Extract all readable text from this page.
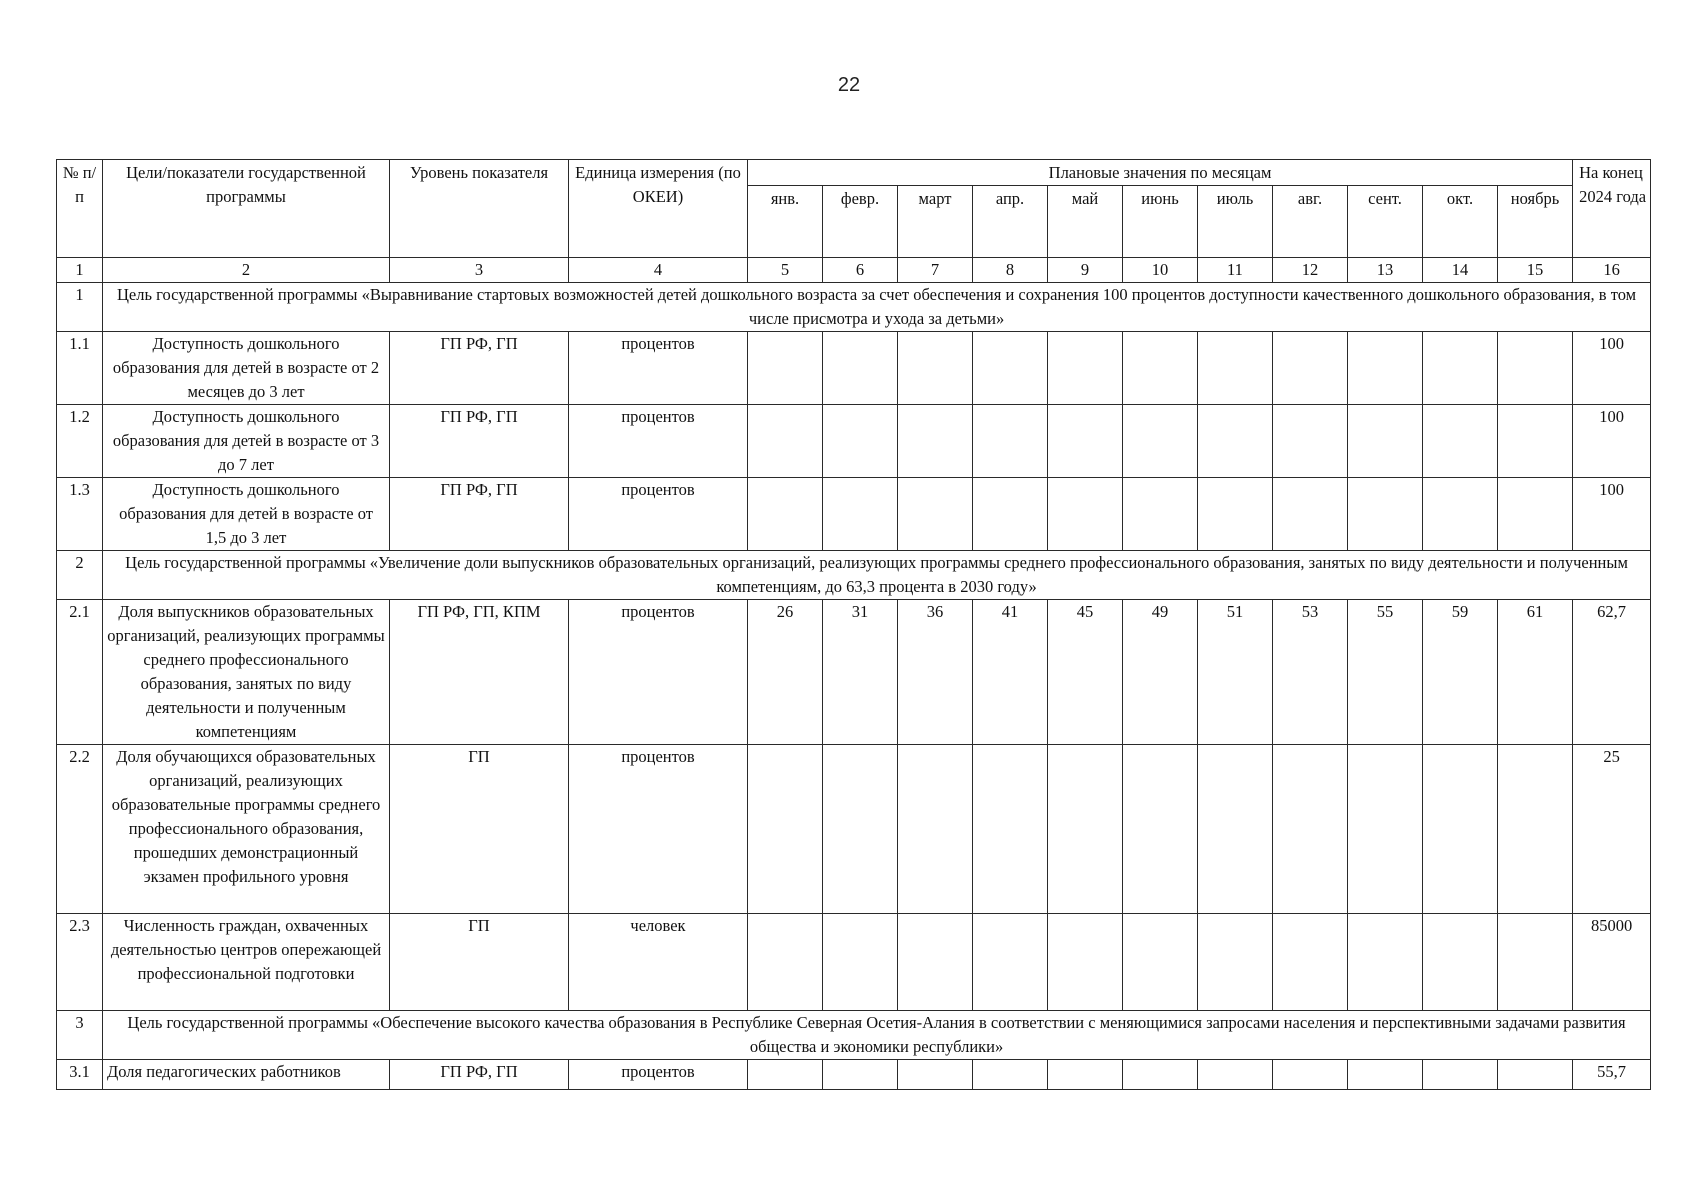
22
№ п/п	Цели/показатели государственной программы	Уровень показателя	Единица измерения (по ОКЕИ)	Плановые значения по месяцам											На конец 2024 года
				янв.	февр.	март	апр.	май	июнь	июль	авг.	сент.	окт.	ноябрь	
1	2	3	4	5	6	7	8	9	10	11	12	13	14	15	16
1	Цель государственной программы «Выравнивание стартовых возможностей детей дошкольного возраста за счет обеспечения и сохранения 100 процентов доступности качественного дошкольного образования, в том числе присмотра и ухода за детьми»														
1.1	Доступность дошкольного образования для детей в возрасте от 2 месяцев до 3 лет	ГП РФ, ГП	процентов												100
1.2	Доступность дошкольного образования для детей в возрасте от 3 до 7 лет	ГП РФ, ГП	процентов												100
1.3	Доступность дошкольного образования для детей в возрасте от 1,5 до 3 лет	ГП РФ, ГП	процентов												100
2	Цель государственной программы «Увеличение доли выпускников образовательных организаций, реализующих программы среднего профессионального образования, занятых по виду деятельности и полученным компетенциям, до 63,3 процента в 2030 году»														
2.1	Доля выпускников образовательных организаций, реализующих программы среднего профессионального образования, занятых по виду деятельности и полученным компетенциям	ГП РФ, ГП, КПМ	процентов	26	31	36	41	45	49	51	53	55	59	61	62,7
2.2	Доля обучающихся образовательных организаций, реализующих образовательные программы среднего профессионального образования, прошедших демонстрационный экзамен профильного уровня	ГП	процентов												25
2.3	Численность граждан, охваченных деятельностью центров опережающей профессиональной подготовки	ГП	человек												85000
3	Цель государственной программы «Обеспечение высокого качества образования в Республике Северная Осетия-Алания в соответствии с меняющимися запросами населения и перспективными задачами развития общества и экономики республики»														
3.1	Доля педагогических работников	ГП РФ, ГП	процентов												55,7
